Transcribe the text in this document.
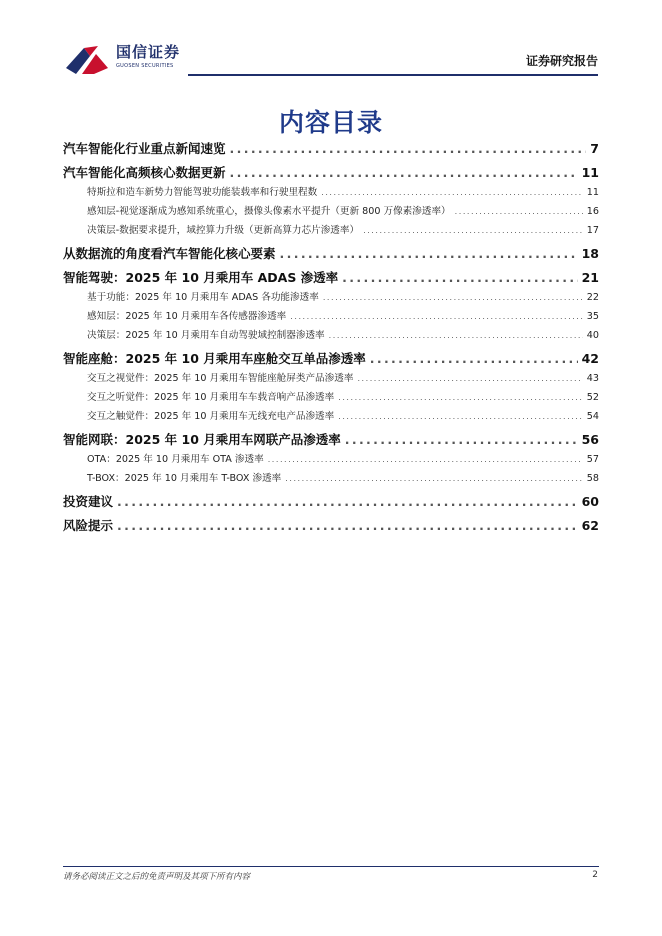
国信证券
GUOSEN SECURITIES	证券研究报告
内容目录
汽车智能化行业重点新闻速览 . . .	7
汽车智能化高频核心数据更新 . . .	11
特斯拉和造车新势力智能驾驶功能装载率和行驶里程数 . . .	11
感知层-视觉逐渐成为感知系统重心，摄像头像素水平提升（更新 800 万像素渗透率） . . .	16
决策层-数据要求提升，域控算力升级（更新高算力芯片渗透率） . . .	17
从数据流的角度看汽车智能化核心要素 . . .	18
智能驾驶：2025 年 10 月乘用车 ADAS 渗透率 . . .	21
基于功能：2025 年 10 月乘用车 ADAS 各功能渗透率 . . .	22
感知层：2025 年 10 月乘用车各传感器渗透率 . . .	35
决策层：2025 年 10 月乘用车自动驾驶域控制器渗透率 . . .	40
智能座舱：2025 年 10 月乘用车座舱交互单品渗透率 . . .	42
交互之视觉件：2025 年 10 月乘用车智能座舱屏类产品渗透率 . . .	43
交互之听觉件：2025 年 10 月乘用车车载音响产品渗透率 . . .	52
交互之触觉件：2025 年 10 月乘用车无线充电产品渗透率 . . .	54
智能网联：2025 年 10 月乘用车网联产品渗透率 . . .	56
OTA：2025 年 10 月乘用车 OTA 渗透率 . . .	57
T-BOX：2025 年 10 月乘用车 T-BOX 渗透率 . . .	58
投资建议 . . .	60
风险提示 . . .	62
请务必阅读正文之后的免责声明及其项下所有内容	2
